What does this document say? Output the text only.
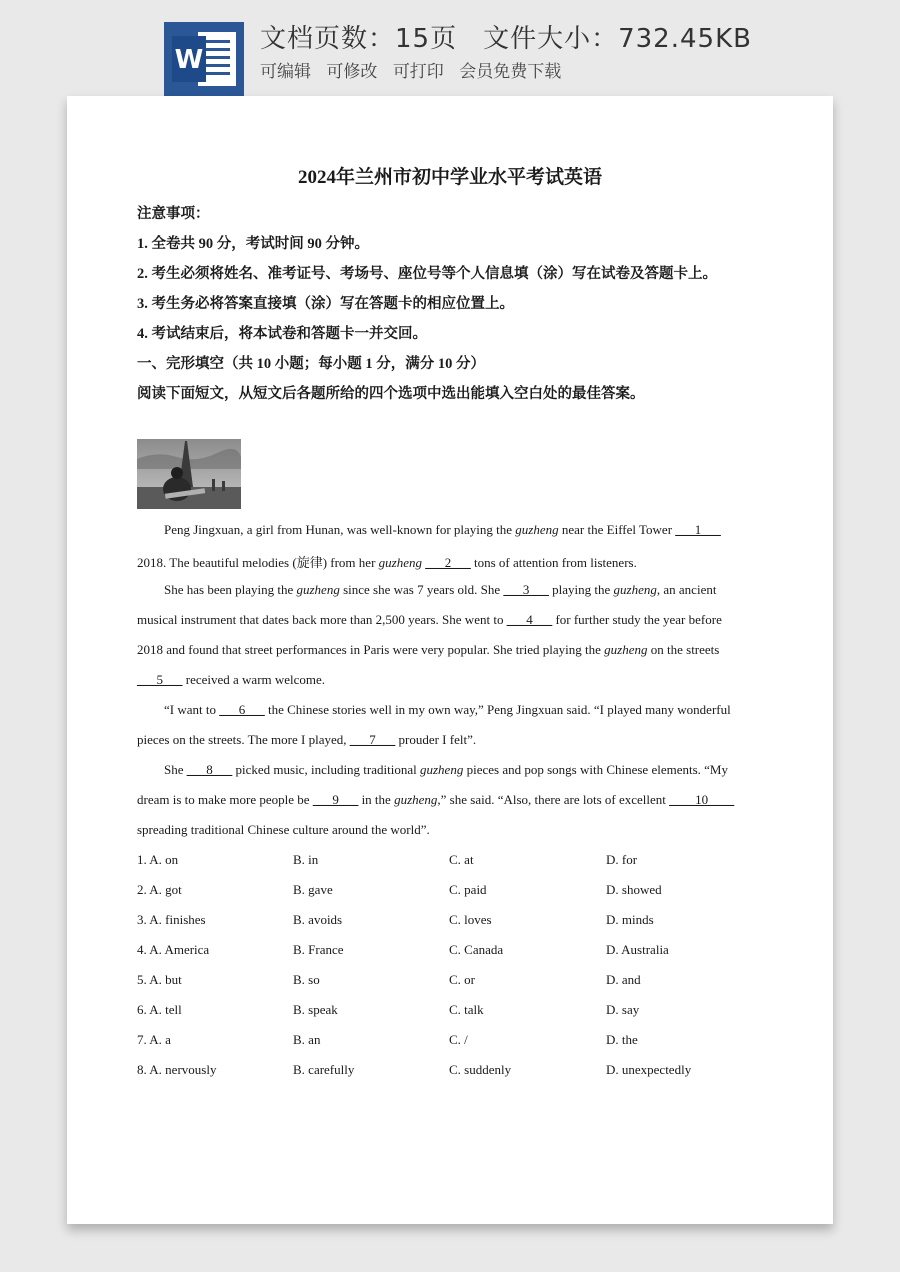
W
文档页数：15页 文件大小：732.45KB
可编辑 可修改 可打印 会员免费下载
2024年兰州市初中学业水平考试英语
注意事项：
1. 全卷共 90 分，考试时间 90 分钟。
2. 考生必须将姓名、准考证号、考场号、座位号等个人信息填（涂）写在试卷及答题卡上。
3. 考生务必将答案直接填（涂）写在答题卡的相应位置上。
4. 考试结束后，将本试卷和答题卡一并交回。
一、完形填空（共 10 小题；每小题 1 分，满分 10 分）
阅读下面短文，从短文后各题所给的四个选项中选出能填入空白处的最佳答案。
Peng Jingxuan, a girl from Hunan, was well-known for playing the guzheng near the Eiffel Tower ___1___
2018. The beautiful melodies (旋律) from her guzheng ___2___ tons of attention from listeners.
She has been playing the guzheng since she was 7 years old. She ___3___ playing the guzheng, an ancient
musical instrument that dates back more than 2,500 years. She went to ___4___ for further study the year before
2018 and found that street performances in Paris were very popular. She tried playing the guzheng on the streets
___5___ received a warm welcome.
“I want to ___6___ the Chinese stories well in my own way,” Peng Jingxuan said. “I played many wonderful
pieces on the streets. The more I played, ___7___ prouder I felt”.
She ___8___ picked music, including traditional guzheng pieces and pop songs with Chinese elements. “My
dream is to make more people be ___9___ in the guzheng,” she said. “Also, there are lots of excellent ____10____
spreading traditional Chinese culture around the world”.
1. A. on	B. in	C. at	D. for
2. A. got	B. gave	C. paid	D. showed
3. A. finishes	B. avoids	C. loves	D. minds
4. A. America	B. France	C. Canada	D. Australia
5. A. but	B. so	C. or	D. and
6. A. tell	B. speak	C. talk	D. say
7. A. a	B. an	C. /	D. the
8. A. nervously	B. carefully	C. suddenly	D. unexpectedly
